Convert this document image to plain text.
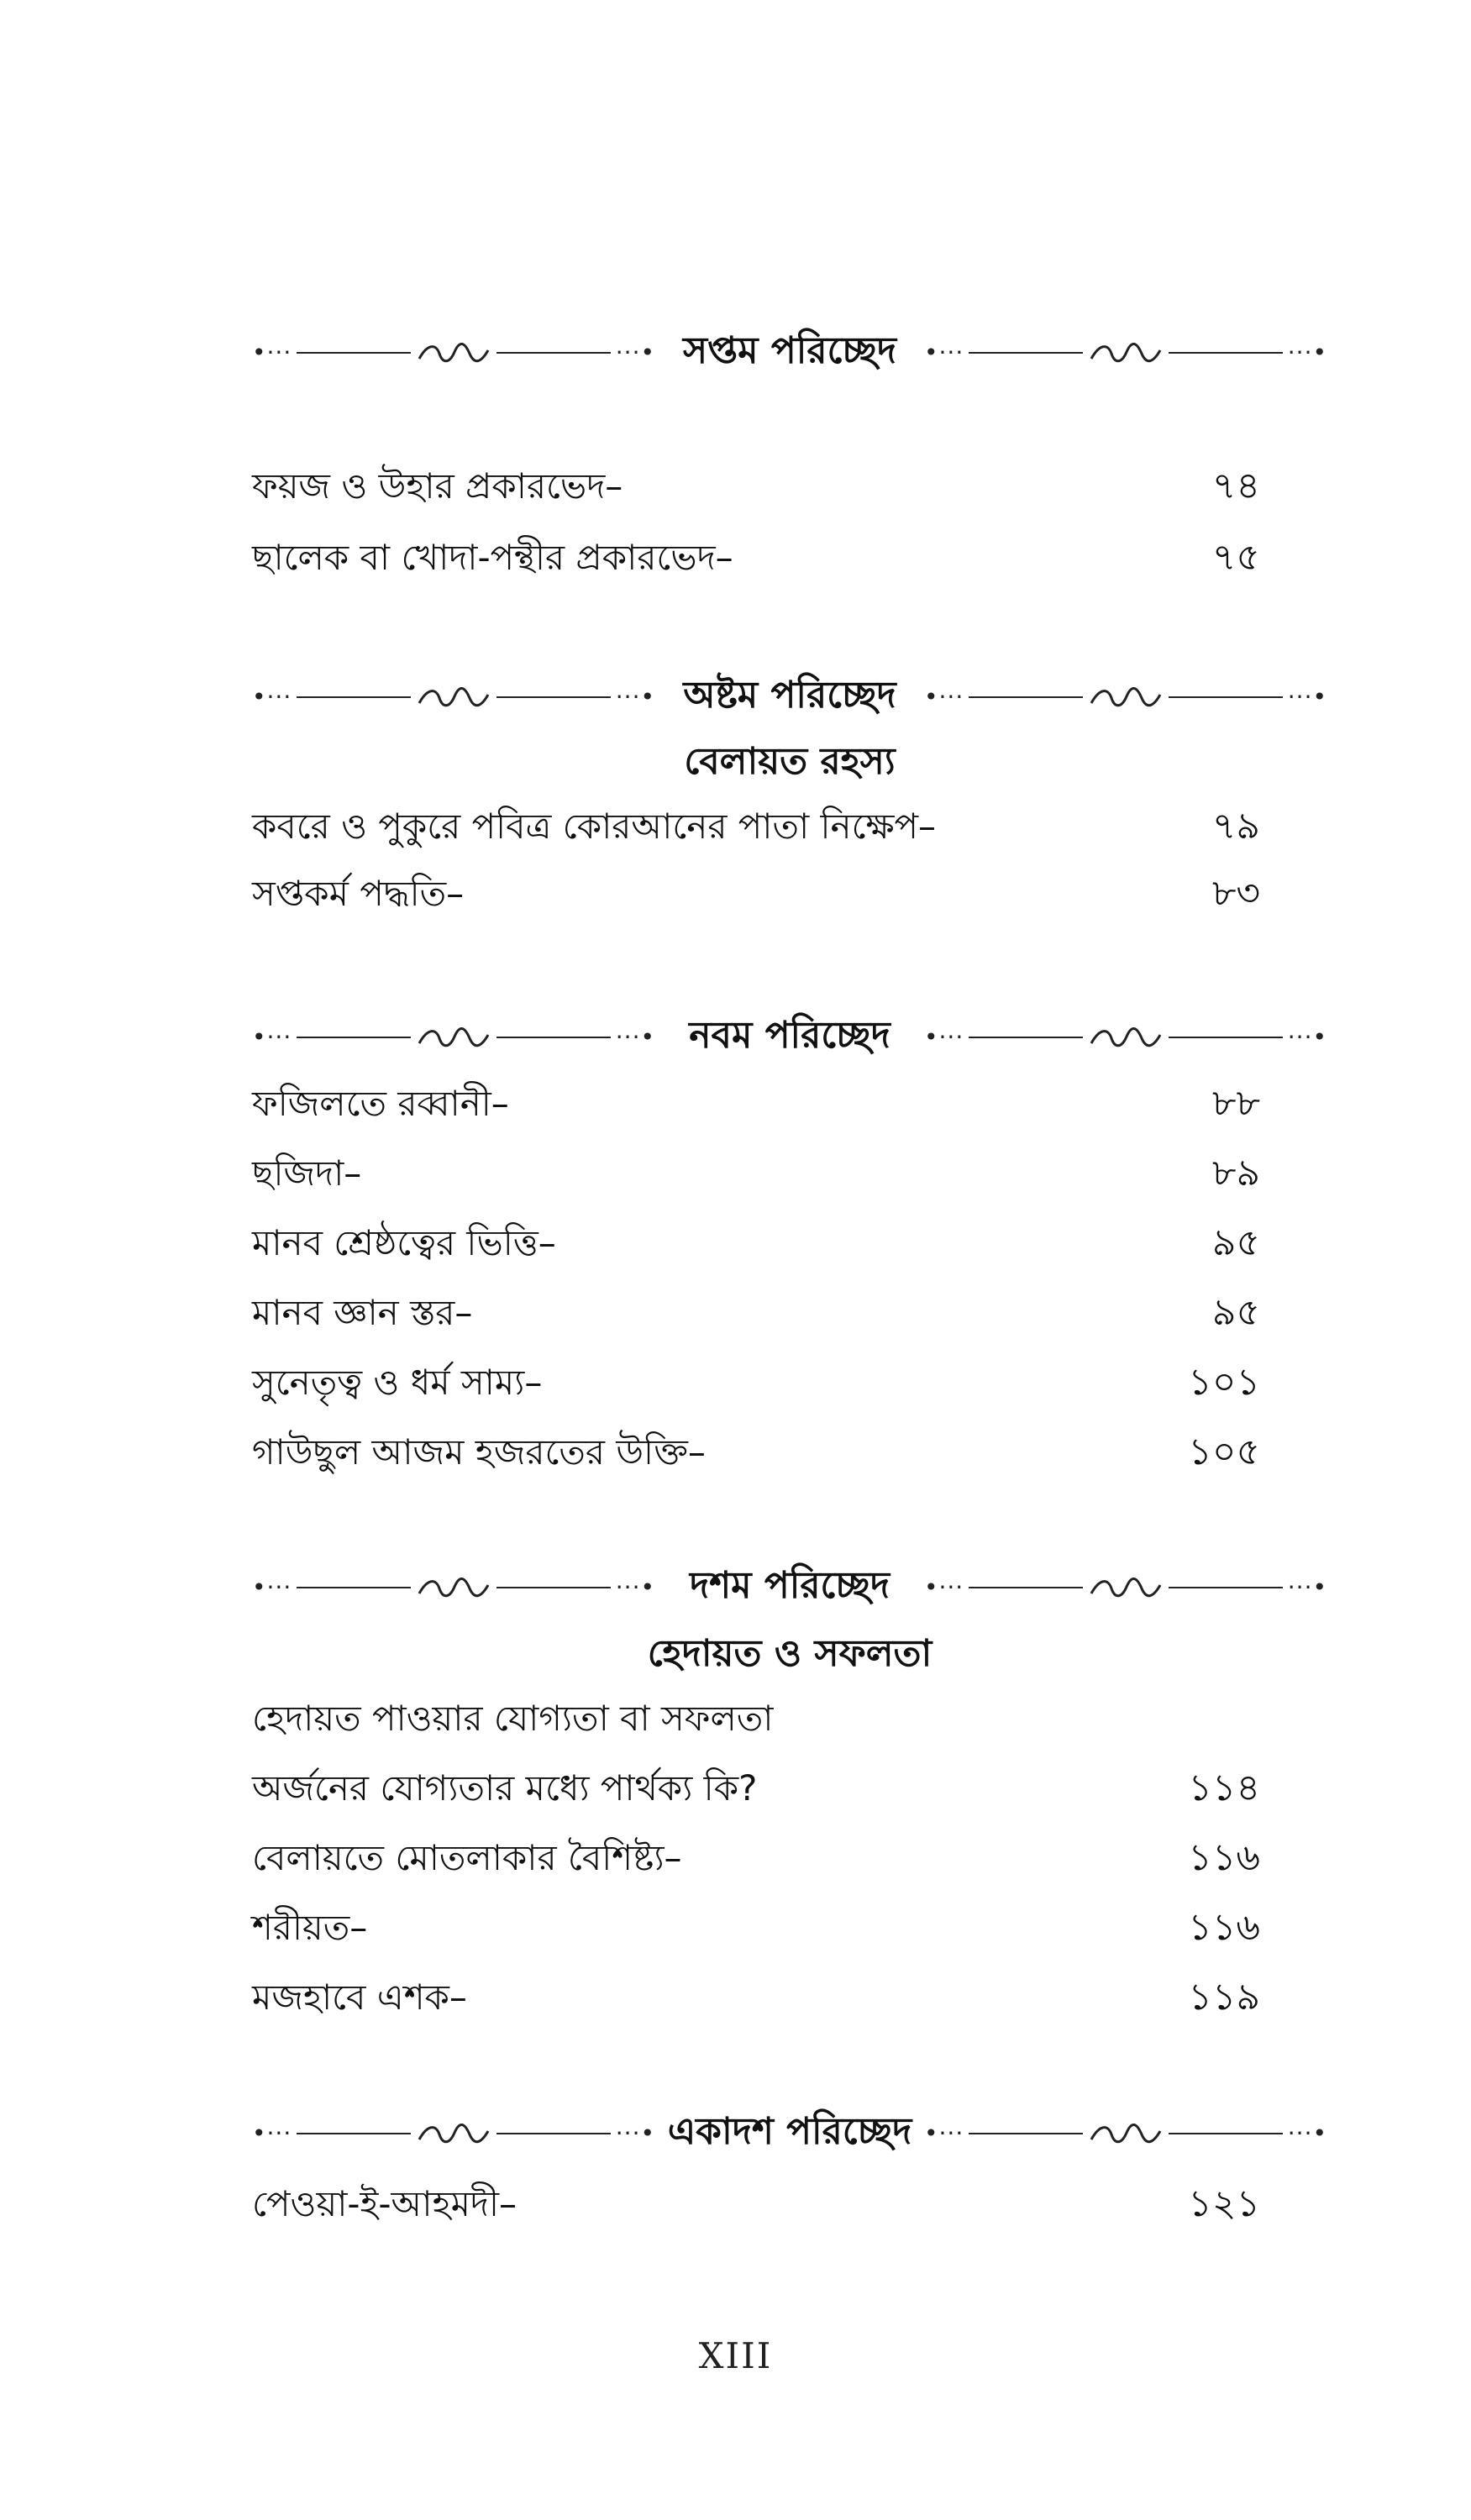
•···	···• সপ্তম পরিচ্ছেদ	•···	···•
ফয়জ ও উহার প্রকারভেদ–	৭৪
ছালেক বা খোদা-পন্থীর প্রকারভেদ–	৭৫
•···	···• অষ্টম পরিচ্ছেদ	•···	···•
বেলায়ত রহস্য
কবরে ও পুকুরে পবিত্র কোরআনের পাতা নিক্ষেপ–	৭৯
সপ্তকর্ম পদ্ধতি–	৮৩
•···	···• নবম পরিচ্ছেদ	•···	···•
ফজিলতে রব্বানী–	৮৮
ছজিদা–	৮৯
মানব শ্রেষ্ঠত্বের ভিত্তি–	৯৫
মানব জ্ঞান স্তর–	৯৫
সুনেতৃত্ব ও ধর্ম সাম্য–	১০১
গাউছুল আজম হজরতের উক্তি–	১০৫
•···	···• দশম পরিচ্ছেদ	•···	···•
হেদায়ত ও সফলতা
হেদায়ত পাওয়ার যোগ্যতা বা সফলতা
অর্জনের যোগ্যতার মধ্যে পার্থক্য কি?	১১৪
বেলায়তে মোতলাকার বৈশিষ্ট্য–	১১৬
শরীয়ত–	১১৬
মজহাবে এশক–	১১৯
•···	···• একাদশ পরিচ্ছেদ •···	···•
পেওয়া-ই-আহমদী–	১২১
XIII
